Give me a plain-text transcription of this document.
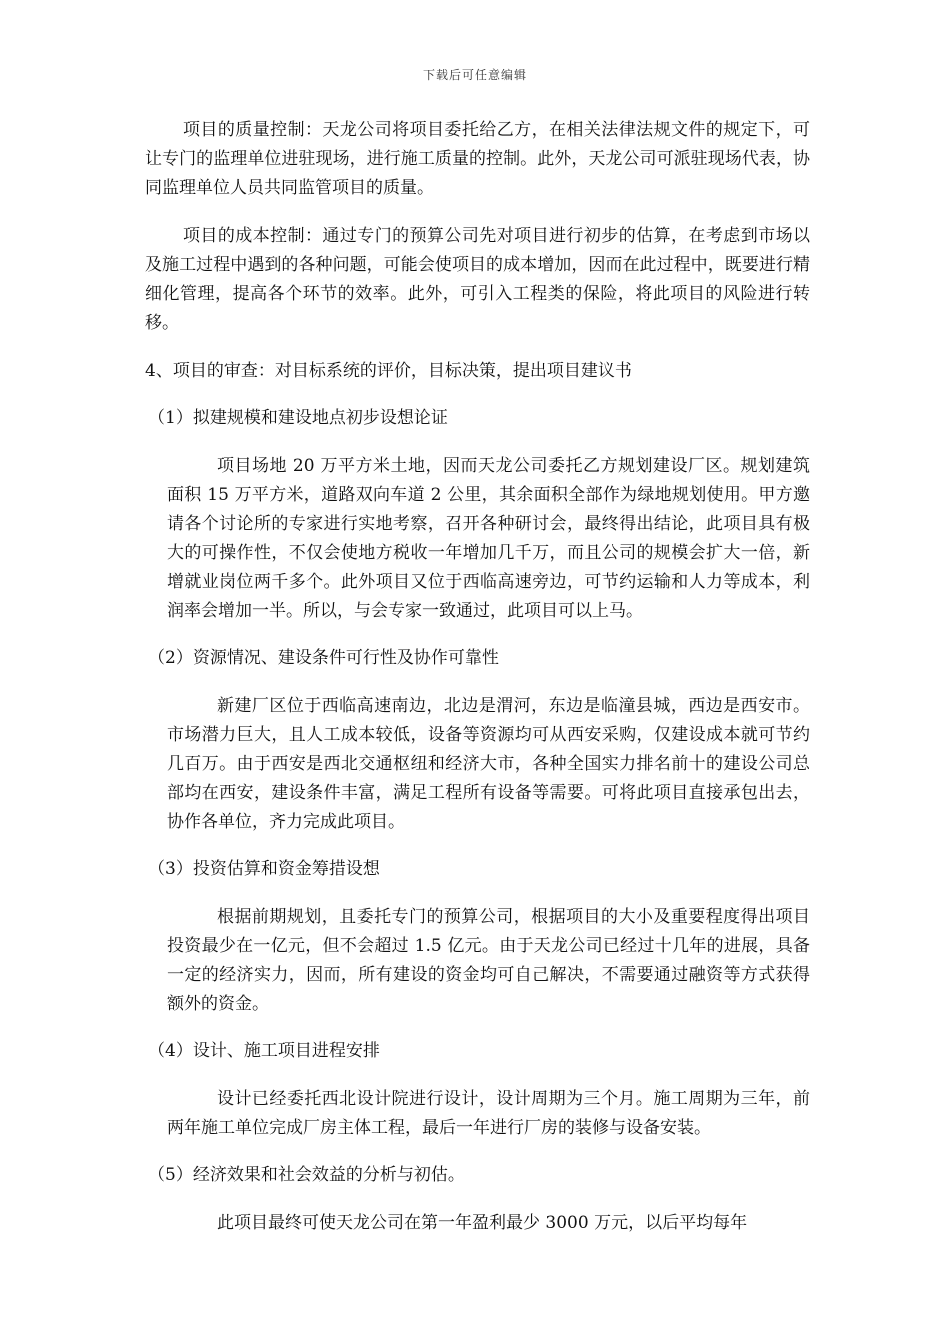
下载后可任意编辑

项目的质量控制：天龙公司将项目委托给乙方，在相关法律法规文件的规定下，可让专门的监理单位进驻现场，进行施工质量的控制。此外，天龙公司可派驻现场代表，协同监理单位人员共同监管项目的质量。

项目的成本控制：通过专门的预算公司先对项目进行初步的估算，在考虑到市场以及施工过程中遇到的各种问题，可能会使项目的成本增加，因而在此过程中，既要进行精细化管理，提高各个环节的效率。此外，可引入工程类的保险，将此项目的风险进行转移。

4、项目的审查：对目标系统的评价，目标决策，提出项目建议书

（1）拟建规模和建设地点初步设想论证

项目场地 20 万平方米土地，因而天龙公司委托乙方规划建设厂区。规划建筑面积 15 万平方米，道路双向车道 2 公里，其余面积全部作为绿地规划使用。甲方邀请各个讨论所的专家进行实地考察，召开各种研讨会，最终得出结论，此项目具有极大的可操作性，不仅会使地方税收一年增加几千万，而且公司的规模会扩大一倍，新增就业岗位两千多个。此外项目又位于西临高速旁边，可节约运输和人力等成本，利润率会增加一半。所以，与会专家一致通过，此项目可以上马。

（2）资源情况、建设条件可行性及协作可靠性

新建厂区位于西临高速南边，北边是渭河，东边是临潼县城，西边是西安市。市场潜力巨大，且人工成本较低，设备等资源均可从西安采购，仅建设成本就可节约几百万。由于西安是西北交通枢纽和经济大市，各种全国实力排名前十的建设公司总部均在西安，建设条件丰富，满足工程所有设备等需要。可将此项目直接承包出去，协作各单位，齐力完成此项目。

（3）投资估算和资金筹措设想

根据前期规划，且委托专门的预算公司，根据项目的大小及重要程度得出项目投资最少在一亿元，但不会超过 1.5 亿元。由于天龙公司已经过十几年的进展，具备一定的经济实力，因而，所有建设的资金均可自己解决，不需要通过融资等方式获得额外的资金。

（4）设计、施工项目进程安排

设计已经委托西北设计院进行设计，设计周期为三个月。施工周期为三年，前两年施工单位完成厂房主体工程，最后一年进行厂房的装修与设备安装。

（5）经济效果和社会效益的分析与初估。

此项目最终可使天龙公司在第一年盈利最少 3000 万元，以后平均每年
